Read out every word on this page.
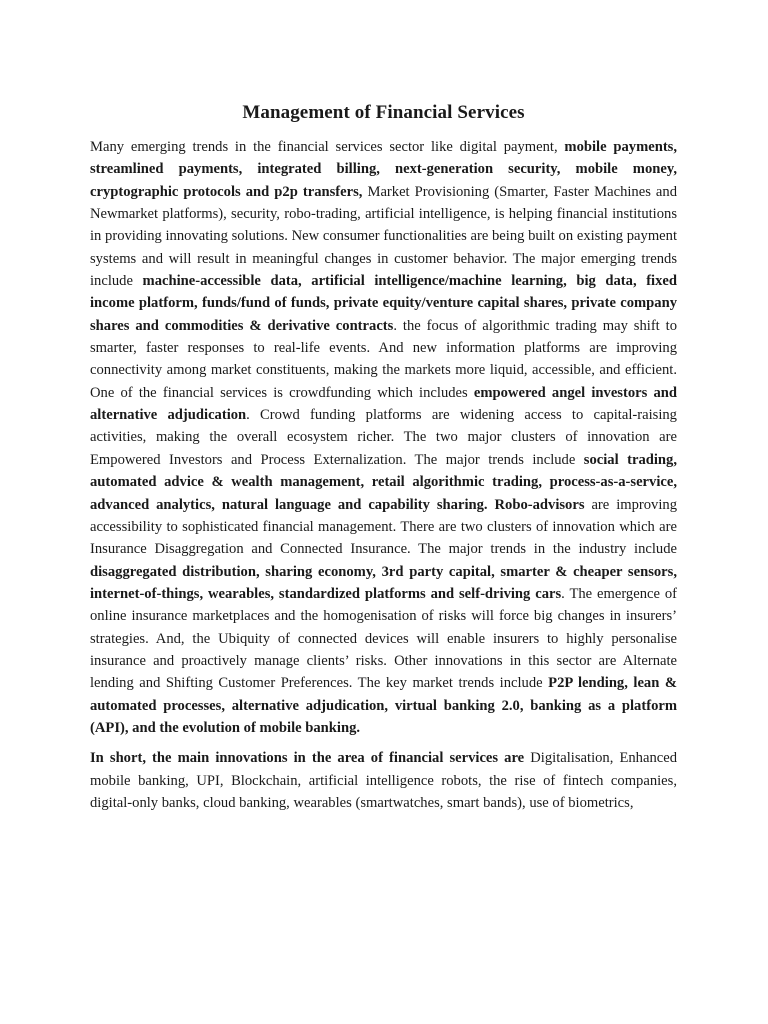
Management of Financial Services

Many emerging trends in the financial services sector like digital payment, mobile payments, streamlined payments, integrated billing, next-generation security, mobile money, cryptographic protocols and p2p transfers, Market Provisioning (Smarter, Faster Machines and Newmarket platforms), security, robo-trading, artificial intelligence, is helping financial institutions in providing innovating solutions. New consumer functionalities are being built on existing payment systems and will result in meaningful changes in customer behavior. The major emerging trends include machine-accessible data, artificial intelligence/machine learning, big data, fixed income platform, funds/fund of funds, private equity/venture capital shares, private company shares and commodities & derivative contracts. the focus of algorithmic trading may shift to smarter, faster responses to real-life events. And new information platforms are improving connectivity among market constituents, making the markets more liquid, accessible, and efficient. One of the financial services is crowdfunding which includes empowered angel investors and alternative adjudication. Crowd funding platforms are widening access to capital-raising activities, making the overall ecosystem richer. The two major clusters of innovation are Empowered Investors and Process Externalization. The major trends include social trading, automated advice & wealth management, retail algorithmic trading, process-as-a-service, advanced analytics, natural language and capability sharing. Robo-advisors are improving accessibility to sophisticated financial management. There are two clusters of innovation which are Insurance Disaggregation and Connected Insurance. The major trends in the industry include disaggregated distribution, sharing economy, 3rd party capital, smarter & cheaper sensors, internet-of-things, wearables, standardized platforms and self-driving cars. The emergence of online insurance marketplaces and the homogenisation of risks will force big changes in insurers’ strategies. And, the Ubiquity of connected devices will enable insurers to highly personalise insurance and proactively manage clients’ risks. Other innovations in this sector are Alternate lending and Shifting Customer Preferences. The key market trends include P2P lending, lean & automated processes, alternative adjudication, virtual banking 2.0, banking as a platform (API), and the evolution of mobile banking.

In short, the main innovations in the area of financial services are Digitalisation, Enhanced mobile banking, UPI, Blockchain, artificial intelligence robots, the rise of fintech companies, digital-only banks, cloud banking, wearables (smartwatches, smart bands), use of biometrics,
